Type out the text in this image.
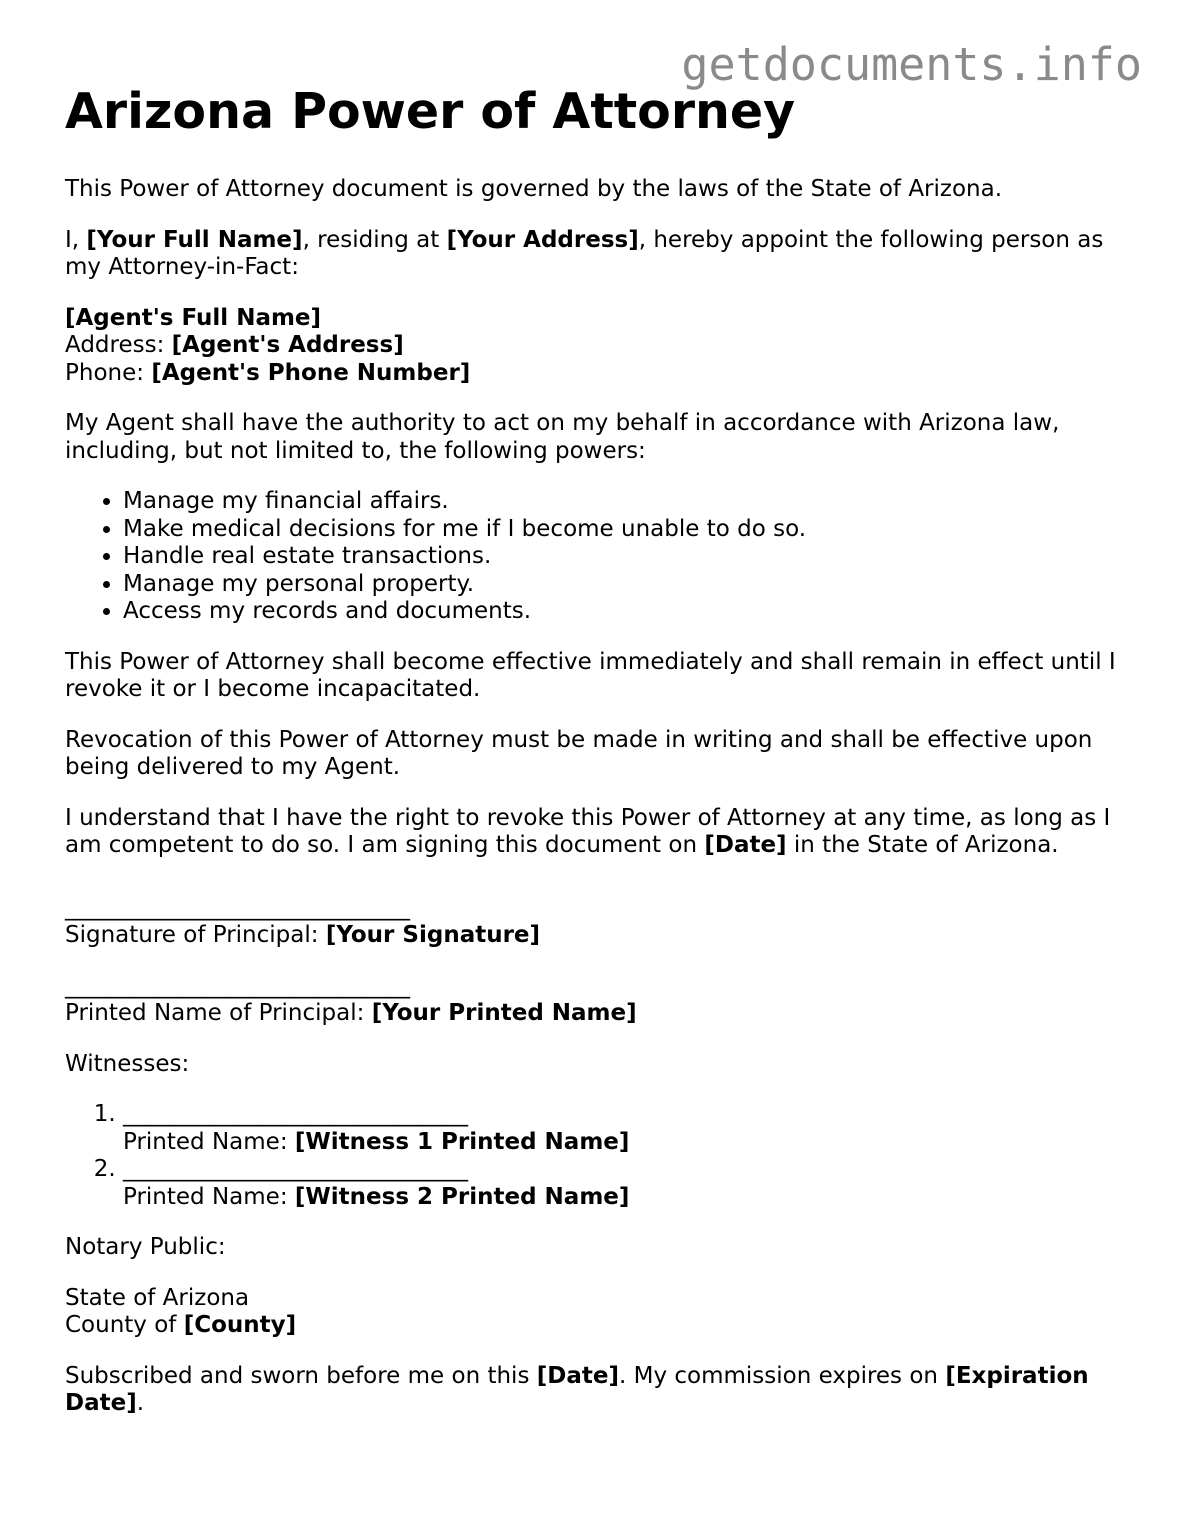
getdocuments.info
Arizona Power of Attorney

This Power of Attorney document is governed by the laws of the State of Arizona.

I, [Your Full Name], residing at [Your Address], hereby appoint the following person as my Attorney-in-Fact:

[Agent's Full Name]
Address: [Agent's Address]
Phone: [Agent's Phone Number]

My Agent shall have the authority to act on my behalf in accordance with Arizona law, including, but not limited to, the following powers:

• Manage my financial affairs.
• Make medical decisions for me if I become unable to do so.
• Handle real estate transactions.
• Manage my personal property.
• Access my records and documents.

This Power of Attorney shall become effective immediately and shall remain in effect until I revoke it or I become incapacitated.

Revocation of this Power of Attorney must be made in writing and shall be effective upon being delivered to my Agent.

I understand that I have the right to revoke this Power of Attorney at any time, as long as I am competent to do so. I am signing this document on [Date] in the State of Arizona.

______________________________
Signature of Principal: [Your Signature]
______________________________
Printed Name of Principal: [Your Printed Name]

Witnesses:

1. ______________________________
Printed Name: [Witness 1 Printed Name]
2. ______________________________
Printed Name: [Witness 2 Printed Name]

Notary Public:

State of Arizona
County of [County]

Subscribed and sworn before me on this [Date]. My commission expires on [Expiration Date].
